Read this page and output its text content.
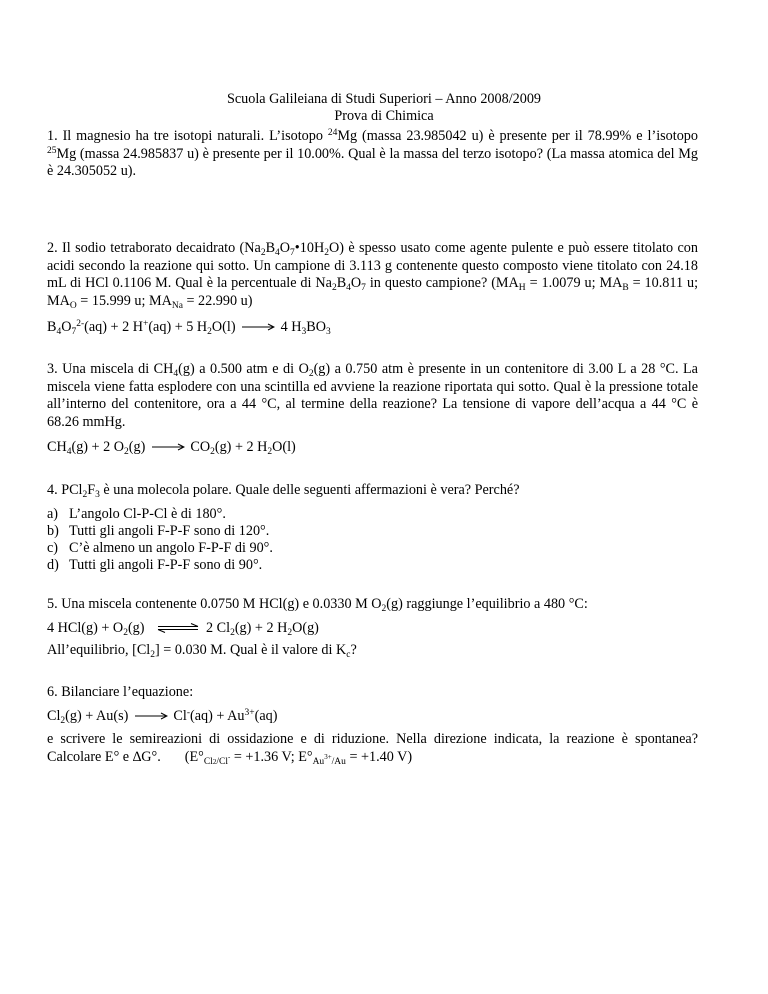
Scuola Galileiana di Studi Superiori – Anno 2008/2009
Prova di Chimica
1. Il magnesio ha tre isotopi naturali. L’isotopo $^{24}$Mg (massa 23.985042 u) è presente per il 78.99% e l’isotopo $^{25}$Mg (massa 24.985837 u) è presente per il 10.00%. Qual è la massa del terzo isotopo? (La massa atomica del Mg è 24.305052 u).
2. Il sodio tetraborato decaidrato $(Na_2B_4O_7•10H_2O)$ è spesso usato come agente pulente e può essere titolato con acidi secondo la reazione qui sotto. Un campione di 3.113 g contenente questo composto viene titolato con 24.18 mL di HCl 0.1106 M. Qual è la percentuale di $Na_2B_4O_7$ in questo campione? ($MA_H = 1.0079$ u; $MA_B = 10.811$ u; $MA_O = 15.999$ u; $MA_{Na} = 22.990$ u)
$B_4O_7^{2-}(aq) + 2$ H+(aq) + 5 $H_2O(l) \to 4$ $H_3BO_3$
3. Una miscela di $CH_4(g)$ a 0.500 atm e di $O_2(g)$ a 0.750 atm è presente in un contenitore di 3.00 L a 28 °C. La miscela viene fatta esplodere con una scintilla ed avviene la reazione riportata qui sotto. Qual è la pressione totale all’interno del contenitore, ora a 44 °C, al termine della reazione? La tensione di vapore dell’acqua a 44 °C è 68.26 mmHg.
$CH_4(g) + 2$ $O_2(g) \to CO_2(g) + 2$ $H_2O(l)$
4. $PCl_2F_3$ è una molecola polare. Quale delle seguenti affermazioni è vera? Perché?
a) L’angolo Cl-P-Cl è di 180°.
b) Tutti gli angoli F-P-F sono di 120°.
c) C’è almeno un angolo F-P-F di 90°.
d) Tutti gli angoli F-P-F sono di 90°.
5. Una miscela contenente 0.0750 M HCl(g) e 0.0330 M $O_2(g)$ raggiunge l’equilibrio a 480 °C:
4 $HCl(g) + O_2(g)$ ⇌ 2 $Cl_2(g) + 2$ $H_2O(g)$
All’equilibrio, $[Cl_2] = 0.030$ M. Qual è il valore di $K_c$?
6. Bilanciare l’equazione:
$Cl_2(g) + Au(s) \to Cl^-(aq) + Au^{3+}(aq)$
e scrivere le semireazioni di ossidazione e di riduzione. Nella direzione indicata, la reazione è spontanea? Calcolare E° e ∆G°. ($E^\circ_{Cl2/Cl^-} = +1.36$ V; $E^\circ_{Au^{3+}/Au} = +1.40$ V)
